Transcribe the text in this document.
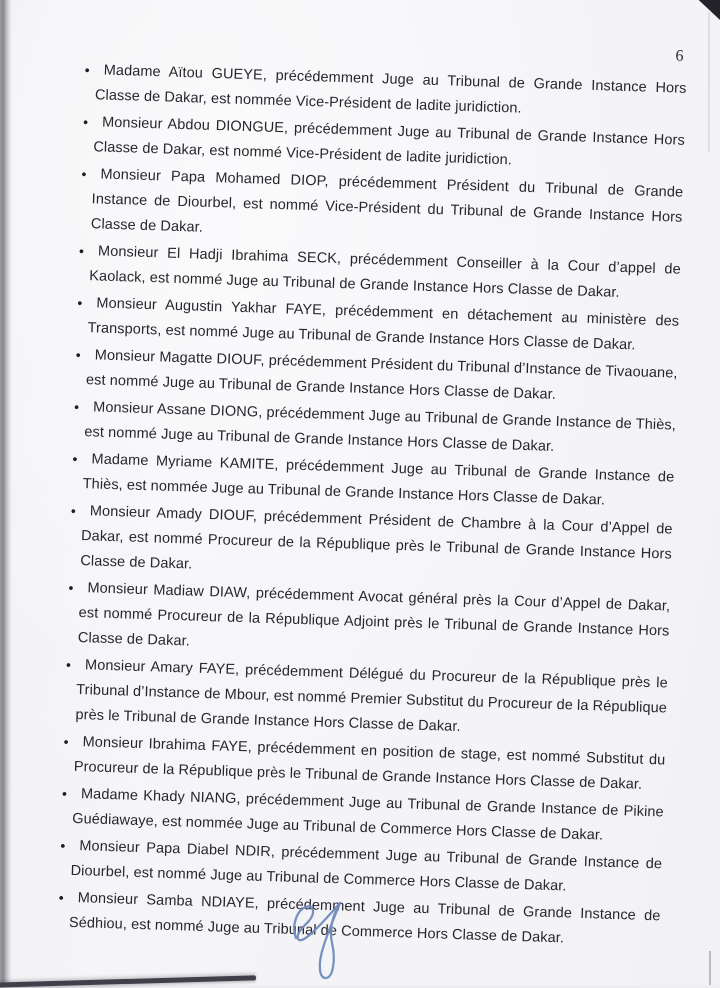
6
• Madame Aïtou GUEYE, précédemment Juge au Tribunal de Grande Instance Hors Classe de Dakar, est nommée Vice-Président de ladite juridiction.
• Monsieur Abdou DIONGUE, précédemment Juge au Tribunal de Grande Instance Hors Classe de Dakar, est nommé Vice-Président de ladite juridiction.
• Monsieur Papa Mohamed DIOP, précédemment Président du Tribunal de Grande Instance de Diourbel, est nommé Vice-Président du Tribunal de Grande Instance Hors Classe de Dakar.
• Monsieur El Hadji Ibrahima SECK, précédemment Conseiller à la Cour d’appel de Kaolack, est nommé Juge au Tribunal de Grande Instance Hors Classe de Dakar.
• Monsieur Augustin Yakhar FAYE, précédemment en détachement au ministère des Transports, est nommé Juge au Tribunal de Grande Instance Hors Classe de Dakar.
• Monsieur Magatte DIOUF, précédemment Président du Tribunal d’Instance de Tivaouane, est nommé Juge au Tribunal de Grande Instance Hors Classe de Dakar.
• Monsieur Assane DIONG, précédemment Juge au Tribunal de Grande Instance de Thiès, est nommé Juge au Tribunal de Grande Instance Hors Classe de Dakar.
• Madame Myriame KAMITE, précédemment Juge au Tribunal de Grande Instance de Thiès, est nommée Juge au Tribunal de Grande Instance Hors Classe de Dakar.
• Monsieur Amady DIOUF, précédemment Président de Chambre à la Cour d’Appel de Dakar, est nommé Procureur de la République près le Tribunal de Grande Instance Hors Classe de Dakar.
• Monsieur Madiaw DIAW, précédemment Avocat général près la Cour d’Appel de Dakar, est nommé Procureur de la République Adjoint près le Tribunal de Grande Instance Hors Classe de Dakar.
• Monsieur Amary FAYE, précédemment Délégué du Procureur de la République près le Tribunal d’Instance de Mbour, est nommé Premier Substitut du Procureur de la République près le Tribunal de Grande Instance Hors Classe de Dakar.
• Monsieur Ibrahima FAYE, précédemment en position de stage, est nommé Substitut du Procureur de la République près le Tribunal de Grande Instance Hors Classe de Dakar.
• Madame Khady NIANG, précédemment Juge au Tribunal de Grande Instance de Pikine Guédiawaye, est nommée Juge au Tribunal de Commerce Hors Classe de Dakar.
• Monsieur Papa Diabel NDIR, précédemment Juge au Tribunal de Grande Instance de Diourbel, est nommé Juge au Tribunal de Commerce Hors Classe de Dakar.
• Monsieur Samba NDIAYE, précédemment Juge au Tribunal de Grande Instance de Sédhiou, est nommé Juge au Tribunal de Commerce Hors Classe de Dakar.
